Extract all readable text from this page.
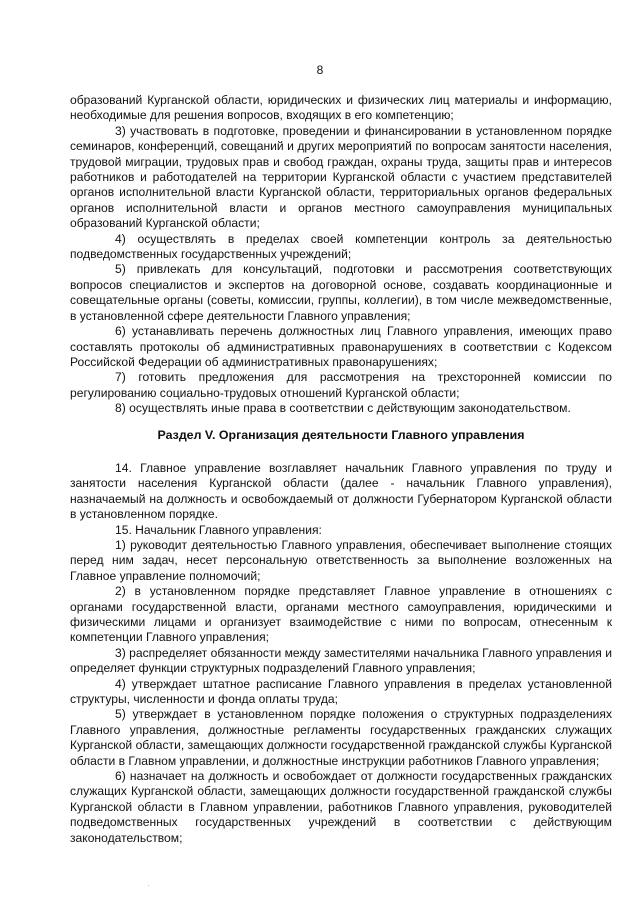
8

образований Курганской области, юридических и физических лиц материалы и информацию, необходимые для решения вопросов, входящих в его компетенцию;

3) участвовать в подготовке, проведении и финансировании в установленном порядке семинаров, конференций, совещаний и других мероприятий по вопросам занятости населения, трудовой миграции, трудовых прав и свобод граждан, охраны труда, защиты прав и интересов работников и работодателей на территории Курганской области с участием представителей органов исполнительной власти Курганской области, территориальных органов федеральных органов исполнительной власти и органов местного самоуправления муниципальных образований Курганской области;

4) осуществлять в пределах своей компетенции контроль за деятельностью подведомственных государственных учреждений;

5) привлекать для консультаций, подготовки и рассмотрения соответствующих вопросов специалистов и экспертов на договорной основе, создавать координационные и совещательные органы (советы, комиссии, группы, коллегии), в том числе межведомственные, в установленной сфере деятельности Главного управления;

6) устанавливать перечень должностных лиц Главного управления, имеющих право составлять протоколы об административных правонарушениях в соответствии с Кодексом Российской Федерации об административных правонарушениях;

7) готовить предложения для рассмотрения на трехсторонней комиссии по регулированию социально-трудовых отношений Курганской области;

8) осуществлять иные права в соответствии с действующим законодательством.

Раздел V. Организация деятельности Главного управления

14. Главное управление возглавляет начальник Главного управления по труду и занятости населения Курганской области (далее - начальник Главного управления), назначаемый на должность и освобождаемый от должности Губернатором Курганской области в установленном порядке.

15. Начальник Главного управления:

1) руководит деятельностью Главного управления, обеспечивает выполнение стоящих перед ним задач, несет персональную ответственность за выполнение возложенных на Главное управление полномочий;

2) в установленном порядке представляет Главное управление в отношениях с органами государственной власти, органами местного самоуправления, юридическими и физическими лицами и организует взаимодействие с ними по вопросам, отнесенным к компетенции Главного управления;

3) распределяет обязанности между заместителями начальника Главного управления и определяет функции структурных подразделений Главного управления;

4) утверждает штатное расписание Главного управления в пределах установленной структуры, численности и фонда оплаты труда;

5) утверждает в установленном порядке положения о структурных подразделениях Главного управления, должностные регламенты государственных гражданских служащих Курганской области, замещающих должности государственной гражданской службы Курганской области в Главном управлении, и должностные инструкции работников Главного управления;

6) назначает на должность и освобождает от должности государственных гражданских служащих Курганской области, замещающих должности государственной гражданской службы Курганской области в Главном управлении, работников Главного управления, руководителей подведомственных государственных учреждений в соответствии с действующим законодательством;
